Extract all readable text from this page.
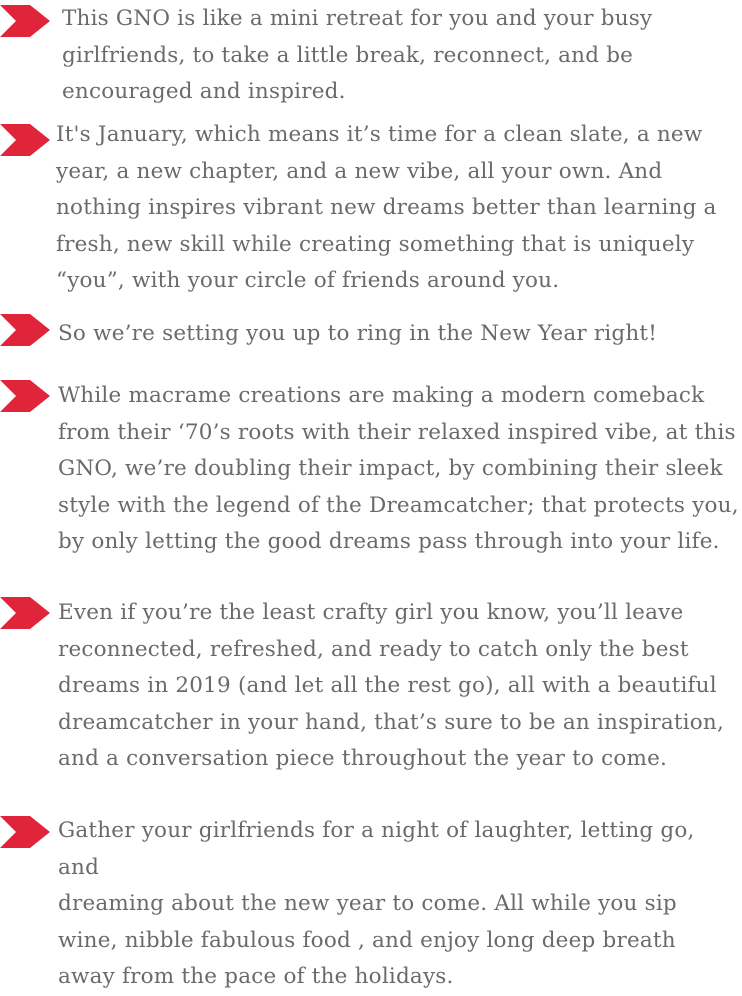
This GNO is like a mini retreat for you and your busy
girlfriends, to take a little break, reconnect, and be
encouraged and inspired.

It's January, which means it’s time for a clean slate, a new
year, a new chapter, and a new vibe, all your own. And
nothing inspires vibrant new dreams better than learning a
fresh, new skill while creating something that is uniquely
“you”, with your circle of friends around you.

So we’re setting you up to ring in the New Year right!

While macrame creations are making a modern comeback
from their ‘70’s roots with their relaxed inspired vibe, at this
GNO, we’re doubling their impact, by combining their sleek
style with the legend of the Dreamcatcher; that protects you,
by only letting the good dreams pass through into your life.

Even if you’re the least crafty girl you know, you’ll leave
reconnected, refreshed, and ready to catch only the best
dreams in 2019 (and let all the rest go), all with a beautiful
dreamcatcher in your hand, that’s sure to be an inspiration,
and a conversation piece throughout the year to come.

Gather your girlfriends for a night of laughter, letting go, and
dreaming about the new year to come. All while you sip
wine, nibble fabulous food , and enjoy long deep breath
away from the pace of the holidays.
